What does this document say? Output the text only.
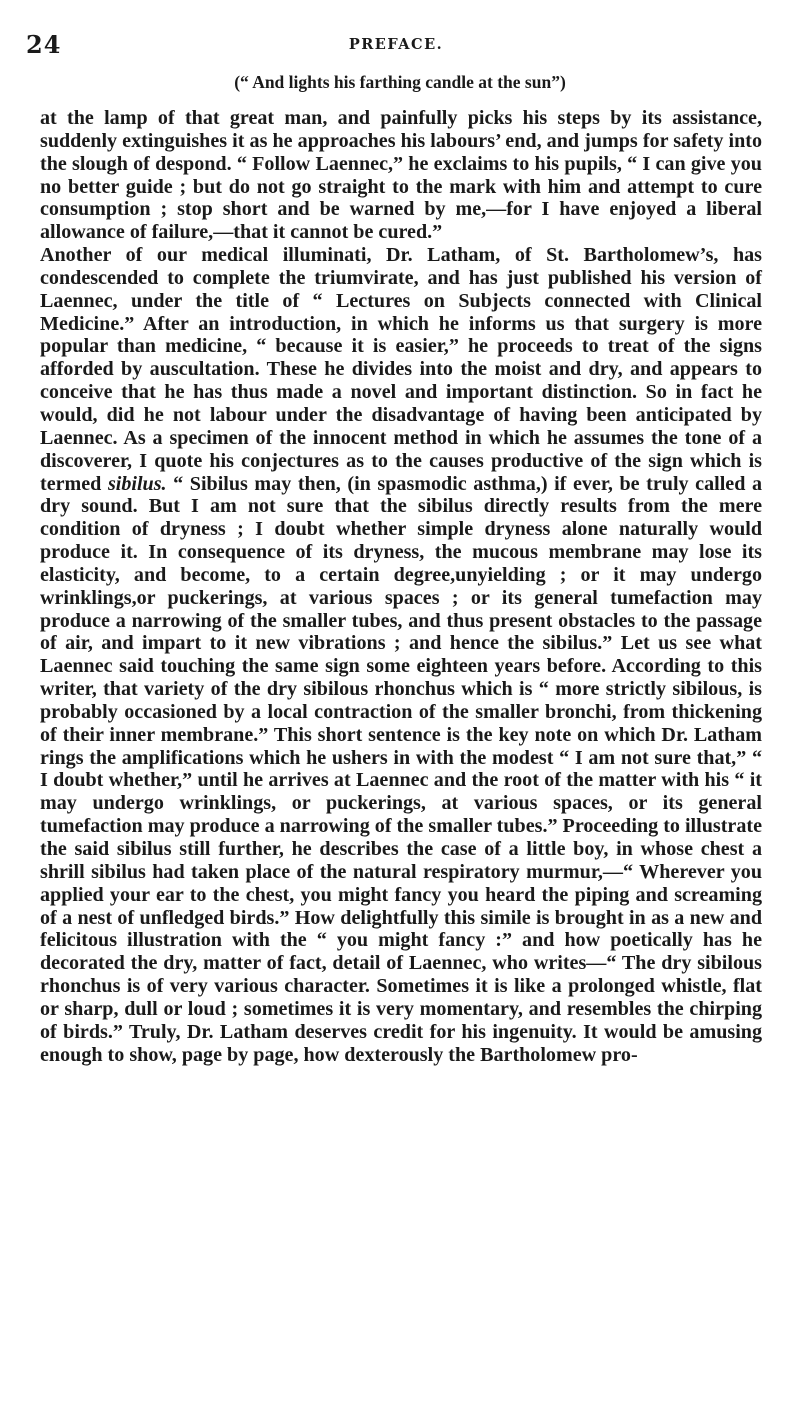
24	PREFACE.
(“ And lights his farthing candle at the sun”)

at the lamp of that great man, and painfully picks his steps by its assistance, suddenly extinguishes it as he approaches his labours’ end, and jumps for safety into the slough of despond. “ Follow Laennec,” he exclaims to his pupils, “ I can give you no better guide ; but do not go straight to the mark with him and attempt to cure consumption ; stop short and be warned by me,—for I have enjoyed a liberal allowance of failure,—that it cannot be cured.”

Another of our medical illuminati, Dr. Latham, of St. Bartholomew’s, has condescended to complete the triumvirate, and has just published his version of Laennec, under the title of “ Lectures on Subjects connected with Clinical Medicine.” After an introduction, in which he informs us that surgery is more popular than medicine, “ because it is easier,” he proceeds to treat of the signs afforded by auscultation. These he divides into the moist and dry, and appears to conceive that he has thus made a novel and important distinction. So in fact he would, did he not labour under the disadvantage of having been anticipated by Laennec. As a specimen of the innocent method in which he assumes the tone of a discoverer, I quote his conjectures as to the causes productive of the sign which is termed sibilus. “ Sibilus may then, (in spasmodic asthma,) if ever, be truly called a dry sound. But I am not sure that the sibilus directly results from the mere condition of dryness ; I doubt whether simple dryness alone naturally would produce it. In consequence of its dryness, the mucous membrane may lose its elasticity, and become, to a certain degree,unyielding ; or it may undergo wrinklings,or puckerings, at various spaces ; or its general tumefaction may produce a narrowing of the smaller tubes, and thus present obstacles to the passage of air, and impart to it new vibrations ; and hence the sibilus.” Let us see what Laennec said touching the same sign some eighteen years before. According to this writer, that variety of the dry sibilous rhonchus which is “ more strictly sibilous, is probably occasioned by a local contraction of the smaller bronchi, from thickening of their inner membrane.” This short sentence is the key note on which Dr. Latham rings the amplifications which he ushers in with the modest “ I am not sure that,” “ I doubt whether,” until he arrives at Laennec and the root of the matter with his “ it may undergo wrinklings, or puckerings, at various spaces, or its general tumefaction may produce a narrowing of the smaller tubes.” Proceeding to illustrate the said sibilus still further, he describes the case of a little boy, in whose chest a shrill sibilus had taken place of the natural respiratory murmur,—“ Wherever you applied your ear to the chest, you might fancy you heard the piping and screaming of a nest of unfledged birds.” How delightfully this simile is brought in as a new and felicitous illustration with the “ you might fancy :” and how poetically has he decorated the dry, matter of fact, detail of Laennec, who writes—“ The dry sibilous rhonchus is of very various character. Sometimes it is like a prolonged whistle, flat or sharp, dull or loud ; sometimes it is very momentary, and resembles the chirping of birds.” Truly, Dr. Latham deserves credit for his ingenuity. It would be amusing enough to show, page by page, how dexterously the Bartholomew pro-
